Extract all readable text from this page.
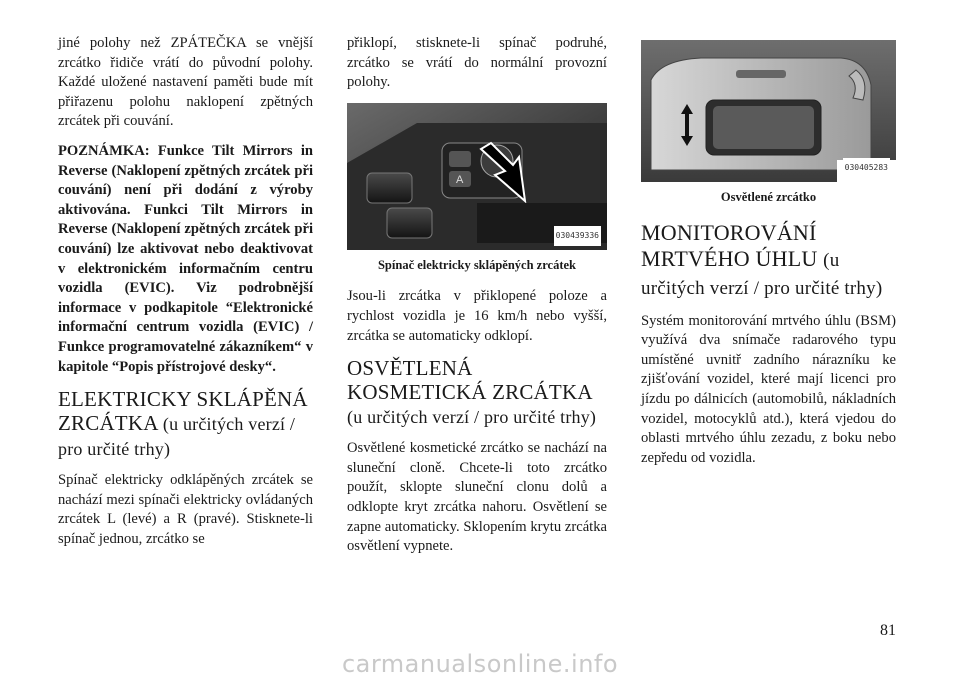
jiné polohy než ZPÁTEČKA se vnější zrcátko řidiče vrátí do původní polohy. Každé uložené nastavení paměti bude mít přiřazenu polohu naklopení zpětných zrcátek při couvání.

POZNÁMKA: Funkce Tilt Mirrors in Reverse (Naklopení zpětných zrcátek při couvání) není při dodání z výroby aktivována. Funkci Tilt Mirrors in Reverse (Naklopení zpětných zrcátek při couvání) lze aktivovat nebo deaktivovat v elektronickém informačním centru vozidla (EVIC). Viz podrobnější informace v podkapitole “Elektronické informační centrum vozidla (EVIC) / Funkce programovatelné zákazníkem“ v kapitole “Popis přístrojové desky“.

ELEKTRICKY SKLÁPĚNÁ ZRCÁTKA (u určitých verzí / pro určité trhy)

Spínač elektricky odklápěných zrcátek se nachází mezi spínači elektricky ovládaných zrcátek L (levé) a R (pravé). Stisknete-li spínač jednou, zrcátko se

přiklopí, stisknete-li spínač podruhé, zrcátko se vrátí do normální provozní polohy.

A
030439336
Spínač elektricky sklápěných zrcátek

Jsou-li zrcátka v přiklopené poloze a rychlost vozidla je 16 km/h nebo vyšší, zrcátka se automaticky odklopí.

OSVĚTLENÁ KOSMETICKÁ ZRCÁTKA (u určitých verzí / pro určité trhy)

Osvětlené kosmetické zrcátko se nachází na sluneční cloně. Chcete-li toto zrcátko použít, sklopte sluneční clonu dolů a odklopte kryt zrcátka nahoru. Osvětlení se zapne automaticky. Sklopením krytu zrcátka osvětlení vypnete.

030405283
Osvětlené zrcátko
MONITOROVÁNÍ MRTVÉHO ÚHLU (u určitých verzí / pro určité trhy)

Systém monitorování mrtvého úhlu (BSM) využívá dva snímače radarového typu umístěné uvnitř zadního nárazníku ke zjišťování vozidel, které mají licenci pro jízdu po dálnicích (automobilů, nákladních vozidel, motocyklů atd.), která vjedou do oblasti mrtvého úhlu zezadu, z boku nebo zepředu od vozidla.

81
carmanualsonline.info
